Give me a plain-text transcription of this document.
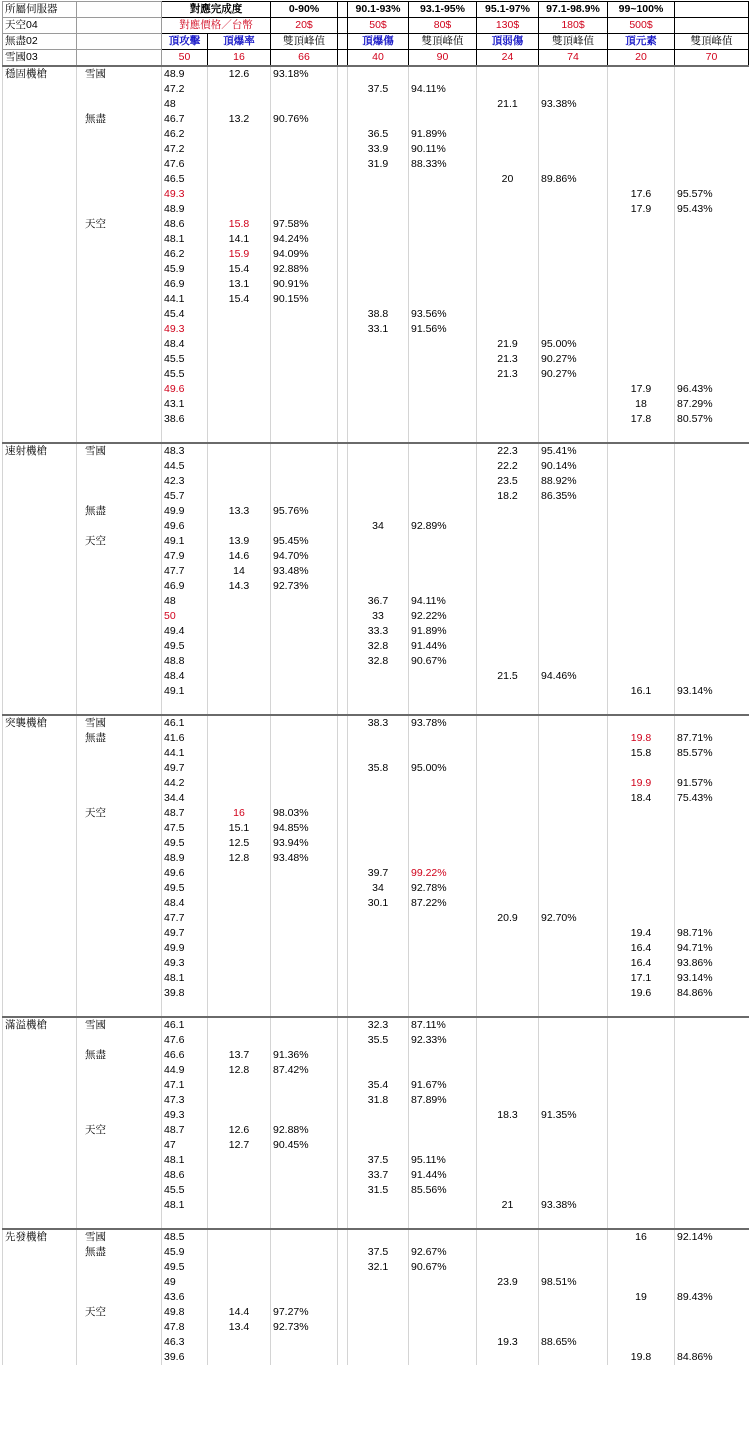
所屬伺服器		對應完成度		0-90%		90.1-93%	93.1-95%	95.1-97%	97.1-98.9%	99~100%	
天空04		對應價格／台幣		20$		50$	80$	130$	180$	500$	
無盡02		頂攻擊	頂爆率	雙頂峰值		頂爆傷	雙頂峰值	頂弱傷	雙頂峰值	頂元素	雙頂峰值
雪國03		50	16	66		40	90	24	74	20	70
穩固機槍	雪國	48.9	12.6	93.18%							
		47.2				37.5	94.11%				
		48						21.1	93.38%		
	無盡	46.7	13.2	90.76%							
		46.2				36.5	91.89%				
		47.2				33.9	90.11%				
		47.6				31.9	88.33%				
		46.5						20	89.86%		
		49.3								17.6	95.57%
		48.9								17.9	95.43%
	天空	48.6	15.8	97.58%							
		48.1	14.1	94.24%							
		46.2	15.9	94.09%							
		45.9	15.4	92.88%							
		46.9	13.1	90.91%							
		44.1	15.4	90.15%							
		45.4				38.8	93.56%				
		49.3				33.1	91.56%				
		48.4						21.9	95.00%		
		45.5						21.3	90.27%		
		45.5						21.3	90.27%		
		49.6								17.9	96.43%
		43.1								18	87.29%
		38.6								17.8	80.57%

速射機槍	雪國	48.3						22.3	95.41%		
		44.5						22.2	90.14%		
		42.3						23.5	88.92%		
		45.7						18.2	86.35%		
	無盡	49.9	13.3	95.76%							
		49.6				34	92.89%				
	天空	49.1	13.9	95.45%							
		47.9	14.6	94.70%							
		47.7	14	93.48%							
		46.9	14.3	92.73%							
		48				36.7	94.11%				
		50				33	92.22%				
		49.4				33.3	91.89%				
		49.5				32.8	91.44%				
		48.8				32.8	90.67%				
		48.4						21.5	94.46%		
		49.1								16.1	93.14%

突襲機槍	雪國	46.1				38.3	93.78%				
	無盡	41.6								19.8	87.71%
		44.1								15.8	85.57%
		49.7				35.8	95.00%				
		44.2								19.9	91.57%
		34.4								18.4	75.43%
	天空	48.7	16	98.03%							
		47.5	15.1	94.85%							
		49.5	12.5	93.94%							
		48.9	12.8	93.48%							
		49.6				39.7	99.22%				
		49.5				34	92.78%				
		48.4				30.1	87.22%				
		47.7						20.9	92.70%		
		49.7								19.4	98.71%
		49.9								16.4	94.71%
		49.3								16.4	93.86%
		48.1								17.1	93.14%
		39.8								19.6	84.86%

滿溢機槍	雪國	46.1				32.3	87.11%				
		47.6				35.5	92.33%				
	無盡	46.6	13.7	91.36%							
		44.9	12.8	87.42%							
		47.1				35.4	91.67%				
		47.3				31.8	87.89%				
		49.3						18.3	91.35%		
	天空	48.7	12.6	92.88%							
		47	12.7	90.45%							
		48.1				37.5	95.11%				
		48.6				33.7	91.44%				
		45.5				31.5	85.56%				
		48.1						21	93.38%		

先發機槍	雪國	48.5								16	92.14%
	無盡	45.9				37.5	92.67%				
		49.5				32.1	90.67%				
		49						23.9	98.51%		
		43.6								19	89.43%
	天空	49.8	14.4	97.27%							
		47.8	13.4	92.73%							
		46.3						19.3	88.65%		
		39.6								19.8	84.86%
